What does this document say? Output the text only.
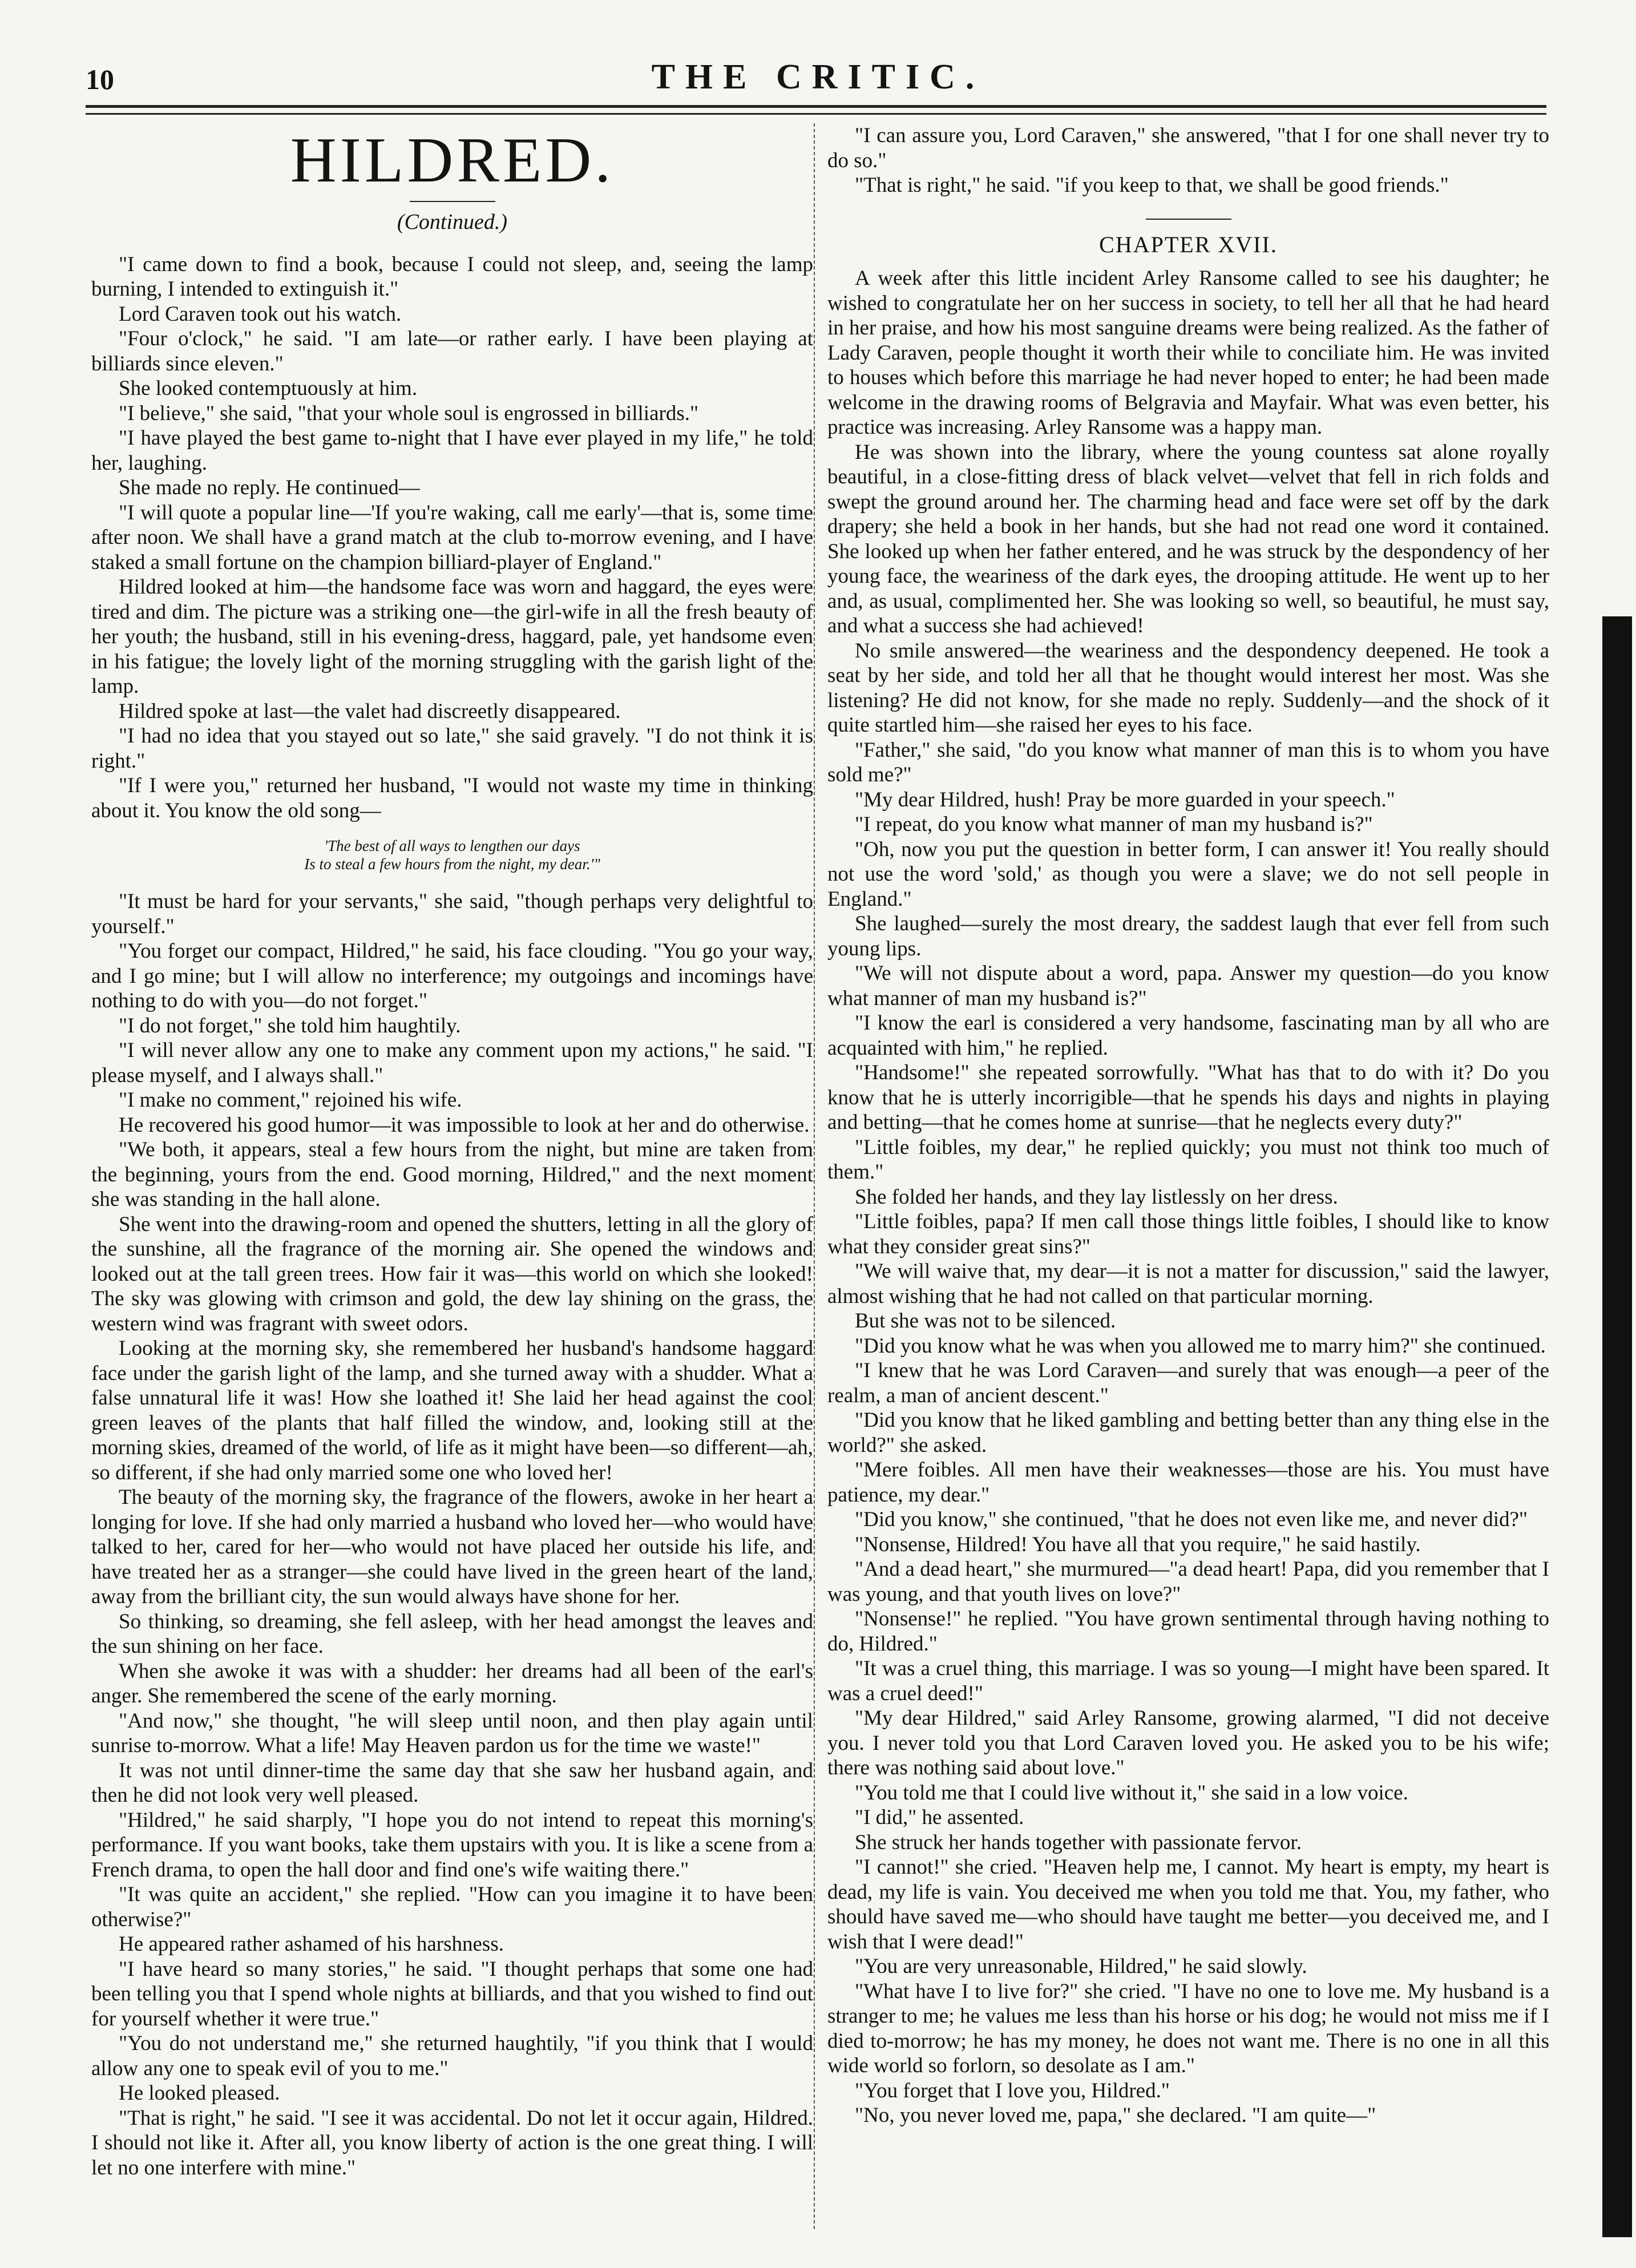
10	THE CRITIC.
HILDRED.
(Continued.)

"I came down to find a book, because I could not sleep, and, seeing the lamp burning, I intended to extinguish it."

Lord Caraven took out his watch.

"Four o'clock," he said. "I am late—or rather early. I have been playing at billiards since eleven."

She looked contemptuously at him.

"I believe," she said, "that your whole soul is engrossed in billiards."

"I have played the best game to-night that I have ever played in my life," he told her, laughing.

She made no reply. He continued—

"I will quote a popular line—'If you're waking, call me early'—that is, some time after noon. We shall have a grand match at the club to-morrow evening, and I have staked a small fortune on the champion billiard-player of England."

Hildred looked at him—the handsome face was worn and haggard, the eyes were tired and dim. The picture was a striking one—the girl-wife in all the fresh beauty of her youth; the husband, still in his evening-dress, haggard, pale, yet handsome even in his fatigue; the lovely light of the morning struggling with the garish light of the lamp.

Hildred spoke at last—the valet had discreetly disappeared.

"I had no idea that you stayed out so late," she said gravely. "I do not think it is right."

"If I were you," returned her husband, "I would not waste my time in thinking about it. You know the old song—

'The best of all ways to lengthen our days
Is to steal a few hours from the night, my dear.'"

"It must be hard for your servants," she said, "though perhaps very delightful to yourself."

"You forget our compact, Hildred," he said, his face clouding. "You go your way, and I go mine; but I will allow no interference; my outgoings and incomings have nothing to do with you—do not forget."

"I do not forget," she told him haughtily.

"I will never allow any one to make any comment upon my actions," he said. "I please myself, and I always shall."

"I make no comment," rejoined his wife.

He recovered his good humor—it was impossible to look at her and do otherwise.

"We both, it appears, steal a few hours from the night, but mine are taken from the beginning, yours from the end. Good morning, Hildred," and the next moment she was standing in the hall alone.

She went into the drawing-room and opened the shutters, letting in all the glory of the sunshine, all the fragrance of the morning air. She opened the windows and looked out at the tall green trees. How fair it was—this world on which she looked! The sky was glowing with crimson and gold, the dew lay shining on the grass, the western wind was fragrant with sweet odors.

Looking at the morning sky, she remembered her husband's handsome haggard face under the garish light of the lamp, and she turned away with a shudder. What a false unnatural life it was! How she loathed it! She laid her head against the cool green leaves of the plants that half filled the window, and, looking still at the morning skies, dreamed of the world, of life as it might have been—so different—ah, so different, if she had only married some one who loved her!

The beauty of the morning sky, the fragrance of the flowers, awoke in her heart a longing for love. If she had only married a husband who loved her—who would have talked to her, cared for her—who would not have placed her outside his life, and have treated her as a stranger—she could have lived in the green heart of the land, away from the brilliant city, the sun would always have shone for her.

So thinking, so dreaming, she fell asleep, with her head amongst the leaves and the sun shining on her face.

When she awoke it was with a shudder: her dreams had all been of the earl's anger. She remembered the scene of the early morning.

"And now," she thought, "he will sleep until noon, and then play again until sunrise to-morrow. What a life! May Heaven pardon us for the time we waste!"

It was not until dinner-time the same day that she saw her husband again, and then he did not look very well pleased.

"Hildred," he said sharply, "I hope you do not intend to repeat this morning's performance. If you want books, take them upstairs with you. It is like a scene from a French drama, to open the hall door and find one's wife waiting there."

"It was quite an accident," she replied. "How can you imagine it to have been otherwise?"

He appeared rather ashamed of his harshness.

"I have heard so many stories," he said. "I thought perhaps that some one had been telling you that I spend whole nights at billiards, and that you wished to find out for yourself whether it were true."

"You do not understand me," she returned haughtily, "if you think that I would allow any one to speak evil of you to me."

He looked pleased.

"That is right," he said. "I see it was accidental. Do not let it occur again, Hildred. I should not like it. After all, you know liberty of action is the one great thing. I will let no one interfere with mine."

"I can assure you, Lord Caraven," she answered, "that I for one shall never try to do so."

"That is right," he said. "if you keep to that, we shall be good friends."

CHAPTER XVII.

A week after this little incident Arley Ransome called to see his daughter; he wished to congratulate her on her success in society, to tell her all that he had heard in her praise, and how his most sanguine dreams were being realized. As the father of Lady Caraven, people thought it worth their while to conciliate him. He was invited to houses which before this marriage he had never hoped to enter; he had been made welcome in the drawing rooms of Belgravia and Mayfair. What was even better, his practice was increasing. Arley Ransome was a happy man.

He was shown into the library, where the young countess sat alone royally beautiful, in a close-fitting dress of black velvet—velvet that fell in rich folds and swept the ground around her. The charming head and face were set off by the dark drapery; she held a book in her hands, but she had not read one word it contained. She looked up when her father entered, and he was struck by the despondency of her young face, the weariness of the dark eyes, the drooping attitude. He went up to her and, as usual, complimented her. She was looking so well, so beautiful, he must say, and what a success she had achieved!

No smile answered—the weariness and the despondency deepened. He took a seat by her side, and told her all that he thought would interest her most. Was she listening? He did not know, for she made no reply. Suddenly—and the shock of it quite startled him—she raised her eyes to his face.

"Father," she said, "do you know what manner of man this is to whom you have sold me?"

"My dear Hildred, hush! Pray be more guarded in your speech."

"I repeat, do you know what manner of man my husband is?"

"Oh, now you put the question in better form, I can answer it! You really should not use the word 'sold,' as though you were a slave; we do not sell people in England."

She laughed—surely the most dreary, the saddest laugh that ever fell from such young lips.

"We will not dispute about a word, papa. Answer my question—do you know what manner of man my husband is?"

"I know the earl is considered a very handsome, fascinating man by all who are acquainted with him," he replied.

"Handsome!" she repeated sorrowfully. "What has that to do with it? Do you know that he is utterly incorrigible—that he spends his days and nights in playing and betting—that he comes home at sunrise—that he neglects every duty?"

"Little foibles, my dear," he replied quickly; you must not think too much of them."

She folded her hands, and they lay listlessly on her dress.

"Little foibles, papa? If men call those things little foibles, I should like to know what they consider great sins?"

"We will waive that, my dear—it is not a matter for discussion," said the lawyer, almost wishing that he had not called on that particular morning.

But she was not to be silenced.

"Did you know what he was when you allowed me to marry him?" she continued.

"I knew that he was Lord Caraven—and surely that was enough—a peer of the realm, a man of ancient descent."

"Did you know that he liked gambling and betting better than any thing else in the world?" she asked.

"Mere foibles. All men have their weaknesses—those are his. You must have patience, my dear."

"Did you know," she continued, "that he does not even like me, and never did?"

"Nonsense, Hildred! You have all that you require," he said hastily.

"And a dead heart," she murmured—"a dead heart! Papa, did you remember that I was young, and that youth lives on love?"

"Nonsense!" he replied. "You have grown sentimental through having nothing to do, Hildred."

"It was a cruel thing, this marriage. I was so young—I might have been spared. It was a cruel deed!"

"My dear Hildred," said Arley Ransome, growing alarmed, "I did not deceive you. I never told you that Lord Caraven loved you. He asked you to be his wife; there was nothing said about love."

"You told me that I could live without it," she said in a low voice.

"I did," he assented.

She struck her hands together with passionate fervor.

"I cannot!" she cried. "Heaven help me, I cannot. My heart is empty, my heart is dead, my life is vain. You deceived me when you told me that. You, my father, who should have saved me—who should have taught me better—you deceived me, and I wish that I were dead!"

"You are very unreasonable, Hildred," he said slowly.

"What have I to live for?" she cried. "I have no one to love me. My husband is a stranger to me; he values me less than his horse or his dog; he would not miss me if I died to-morrow; he has my money, he does not want me. There is no one in all this wide world so forlorn, so desolate as I am."

"You forget that I love you, Hildred."

"No, you never loved me, papa," she declared. "I am quite—"
